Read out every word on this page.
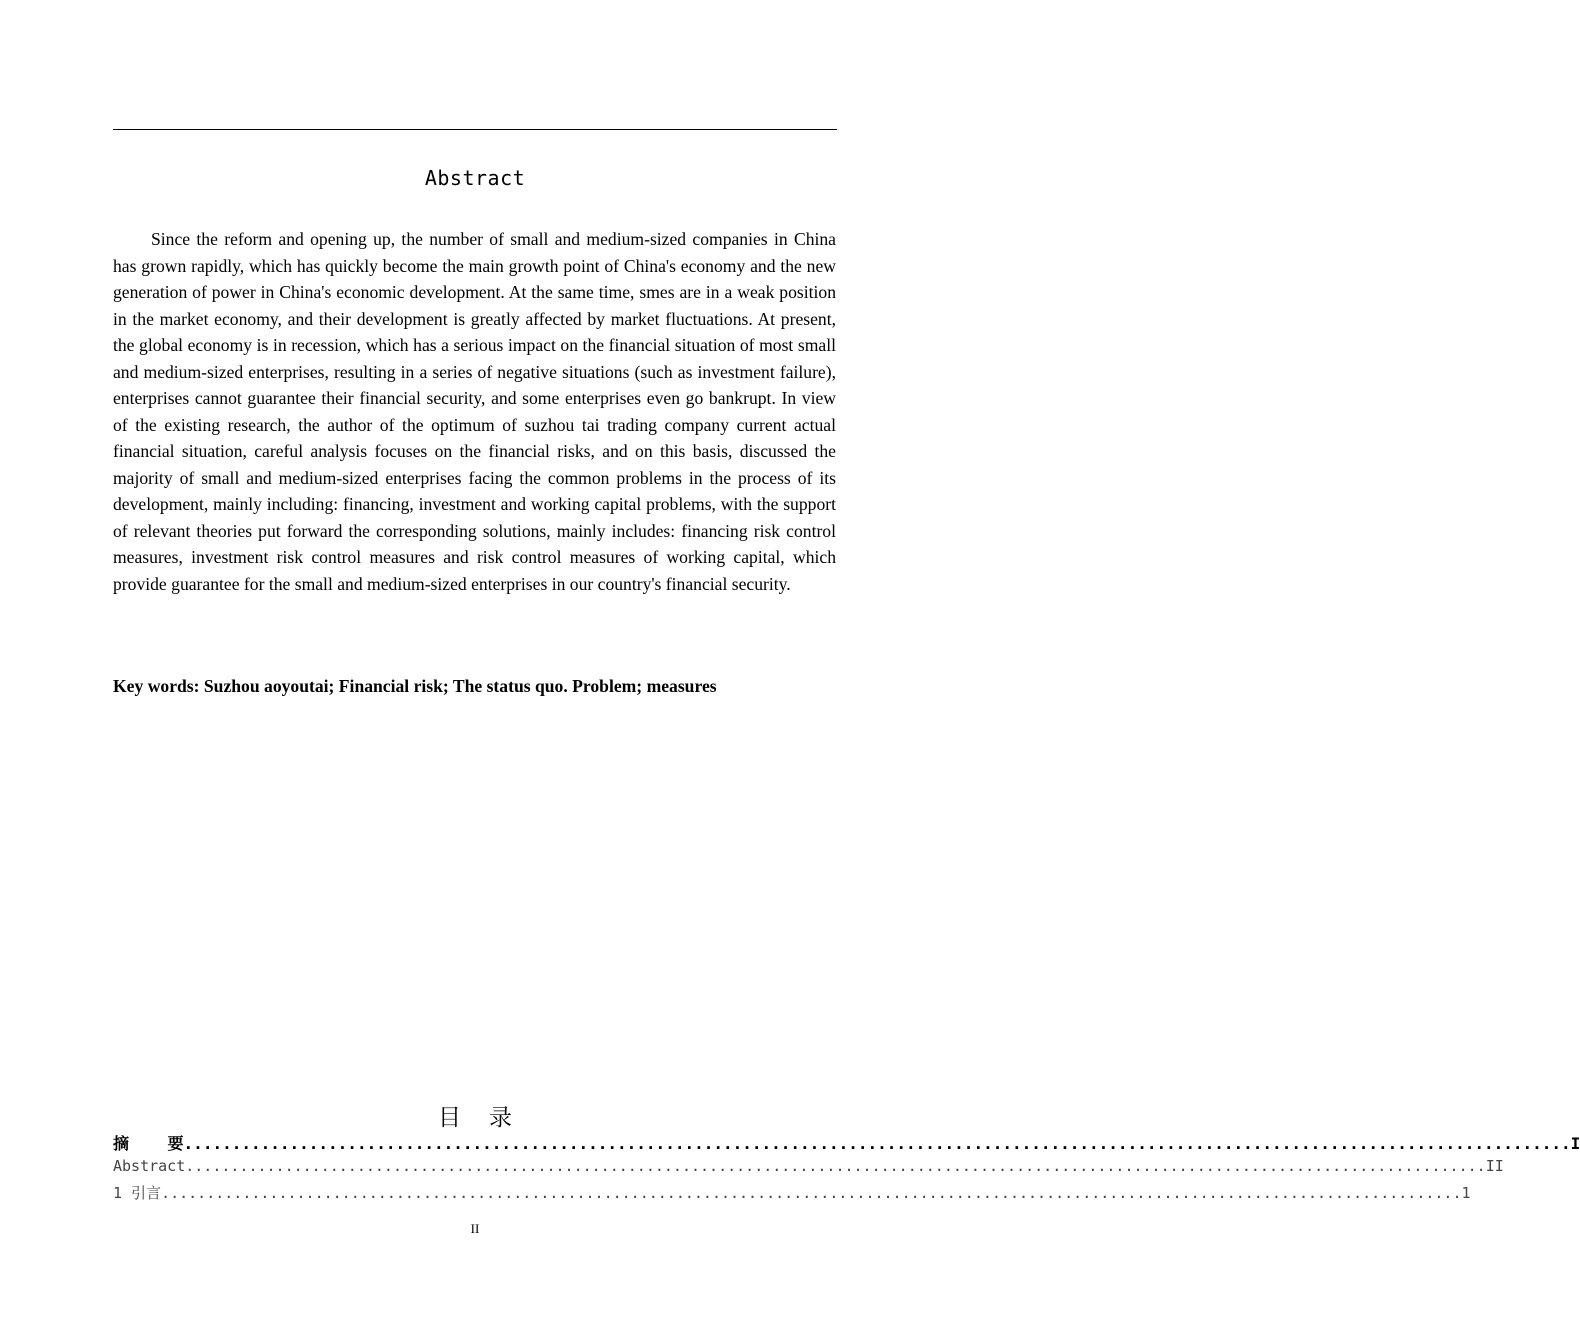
Abstract

Since the reform and opening up, the number of small and medium-sized companies in China has grown rapidly, which has quickly become the main growth point of China's economy and the new generation of power in China's economic development. At the same time, smes are in a weak position in the market economy, and their development is greatly affected by market fluctuations. At present, the global economy is in recession, which has a serious impact on the financial situation of most small and medium-sized enterprises, resulting in a series of negative situations (such as investment failure), enterprises cannot guarantee their financial security, and some enterprises even go bankrupt. In view of the existing research, the author of the optimum of suzhou tai trading company current actual financial situation, careful analysis focuses on the financial risks, and on this basis, discussed the majority of small and medium-sized enterprises facing the common problems in the process of its development, mainly including: financing, investment and working capital problems, with the support of relevant theories put forward the corresponding solutions, mainly includes: financing risk control measures, investment risk control measures and risk control measures of working capital, which provide guarantee for the small and medium-sized enterprises in our country's financial security.

Key words: Suzhou aoyoutai; Financial risk; The status quo. Problem; measures
目 录
摘    要 ................................................................................................................................................ I
Abstract ................................................................................................................................................ II
1 引言 ................................................................................................................................................ 1
II
